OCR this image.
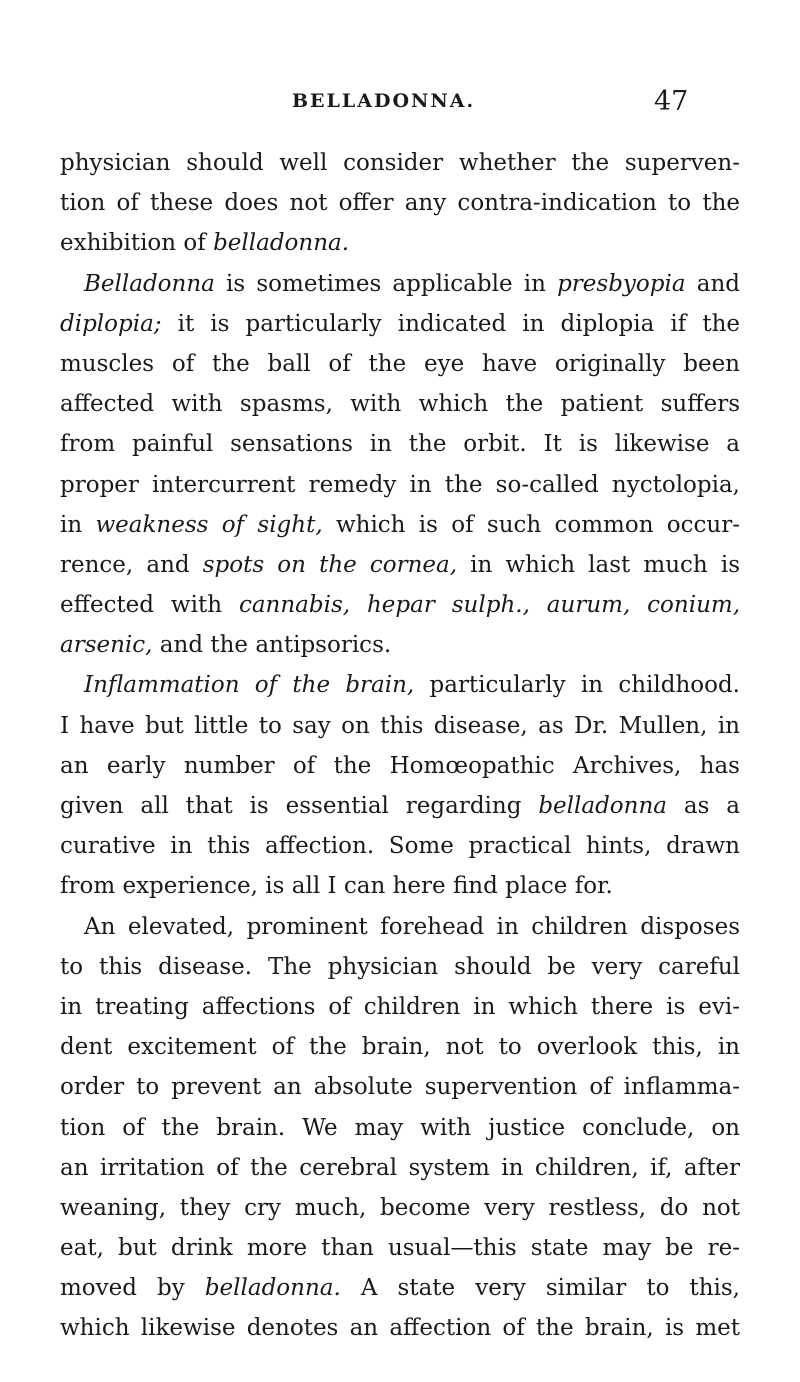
BELLADONNA.	47
physician should well consider whether the superven-
tion of these does not offer any contra-indication to the
exhibition of belladonna.
Belladonna is sometimes applicable in presbyopia and
diplopia; it is particularly indicated in diplopia if the
muscles of the ball of the eye have originally been
affected with spasms, with which the patient suffers
from painful sensations in the orbit. It is likewise a
proper intercurrent remedy in the so-called nyctolopia,
in weakness of sight, which is of such common occur-
rence, and spots on the cornea, in which last much is
effected with cannabis, hepar sulph., aurum, conium,
arsenic, and the antipsorics.
Inflammation of the brain, particularly in childhood.
I have but little to say on this disease, as Dr. Mullen, in
an early number of the Homœopathic Archives, has
given all that is essential regarding belladonna as a
curative in this affection. Some practical hints, drawn
from experience, is all I can here find place for.
An elevated, prominent forehead in children disposes
to this disease. The physician should be very careful
in treating affections of children in which there is evi-
dent excitement of the brain, not to overlook this, in
order to prevent an absolute supervention of inflamma-
tion of the brain. We may with justice conclude, on
an irritation of the cerebral system in children, if, after
weaning, they cry much, become very restless, do not
eat, but drink more than usual—this state may be re-
moved by belladonna. A state very similar to this,
which likewise denotes an affection of the brain, is met
